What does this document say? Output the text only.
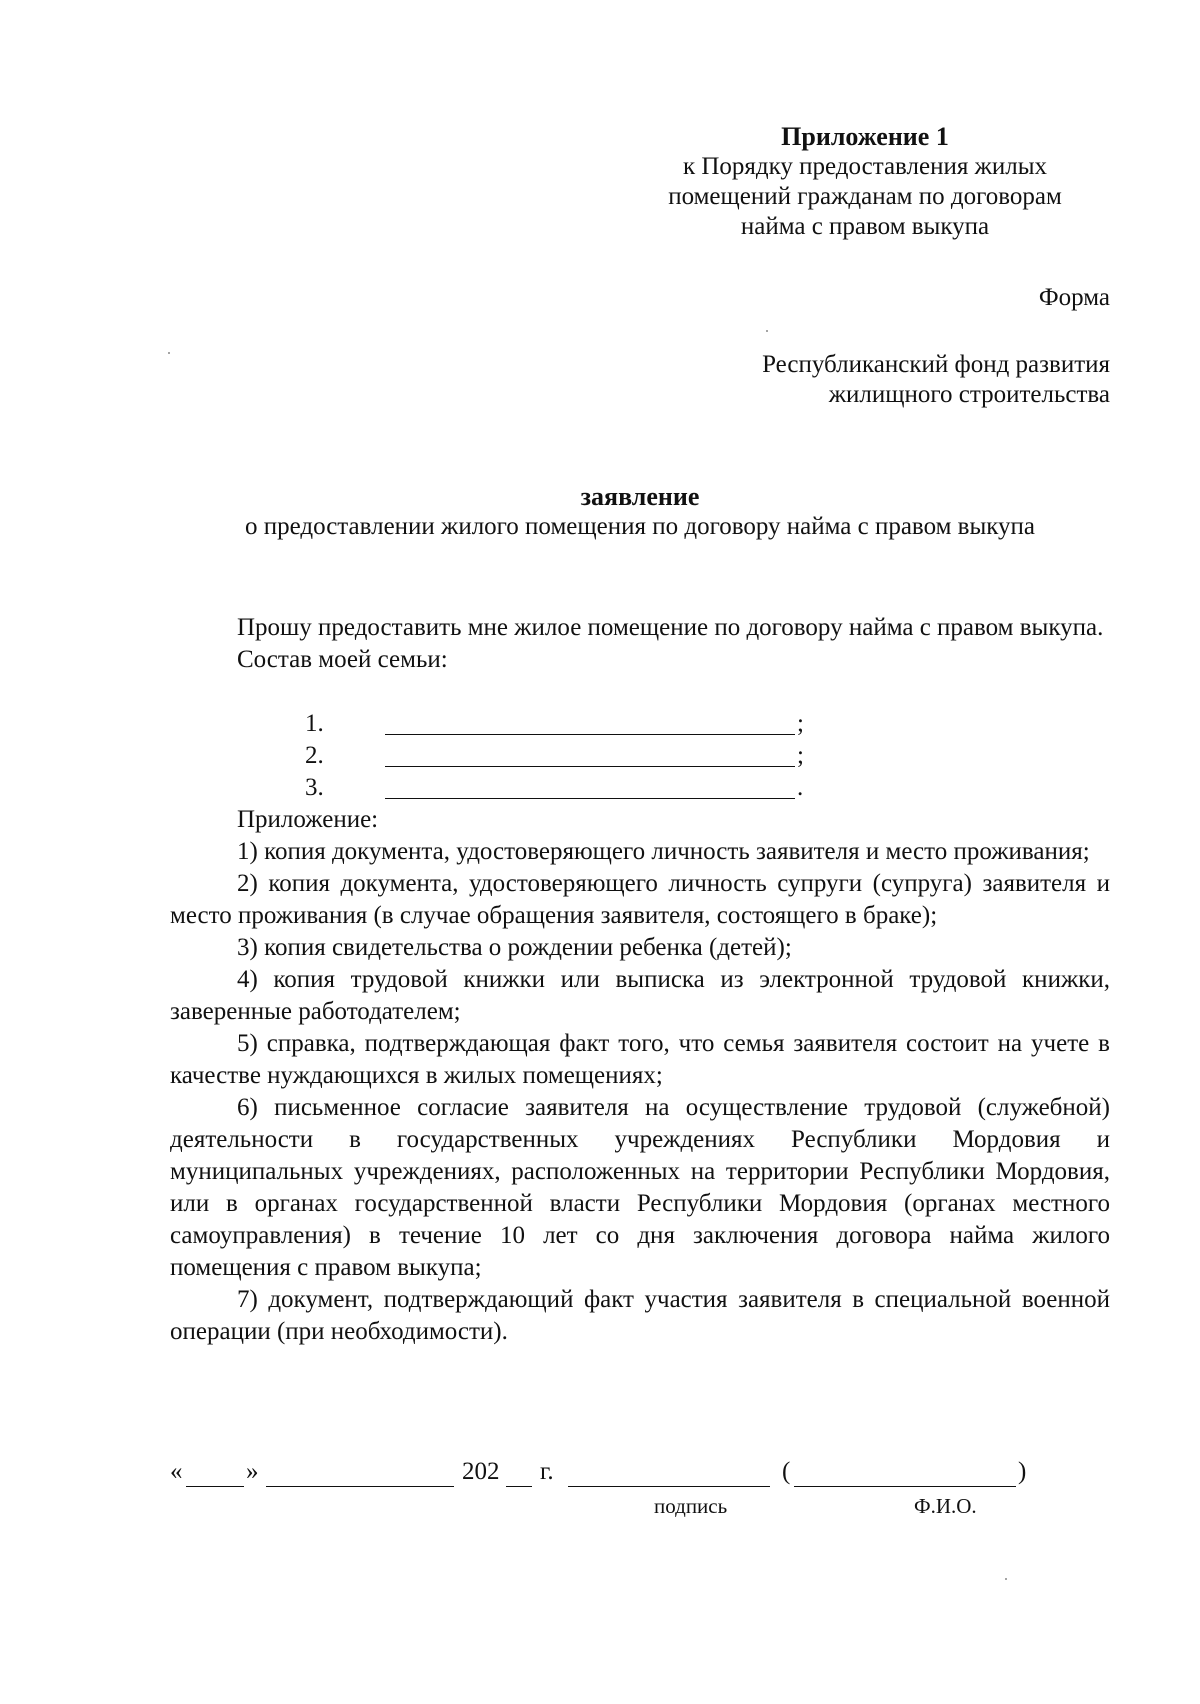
Приложение 1
к Порядку предоставления жилых
помещений гражданам по договорам
найма с правом выкупа
Форма
Республиканский фонд развития
жилищного строительства
заявление
о предоставлении жилого помещения по договору найма с правом выкупа

Прошу предоставить мне жилое помещение по договору найма с правом выкупа.

Состав моей семьи:

1.	;
2.	;
3.	.

Приложение:

1) копия документа, удостоверяющего личность заявителя и место проживания;

2) копия документа, удостоверяющего личность супруги (супруга) заявителя и место проживания (в случае обращения заявителя, состоящего в браке);

3) копия свидетельства о рождении ребенка (детей);

4) копия трудовой книжки или выписка из электронной трудовой книжки, заверенные работодателем;

5) справка, подтверждающая факт того, что семья заявителя состоит на учете в качестве нуждающихся в жилых помещениях;

6) письменное согласие заявителя на осуществление трудовой (служебной) деятельности в государственных учреждениях Республики Мордовия и муниципальных учреждениях, расположенных на территории Республики Мордовия, или в органах государственной власти Республики Мордовия (органах местного самоуправления) в течение 10 лет со дня заключения договора найма жилого помещения с правом выкупа;

7) документ, подтверждающий факт участия заявителя в специальной военной операции (при необходимости).

«	»	202 г.	(	)
подпись	Ф.И.О.
